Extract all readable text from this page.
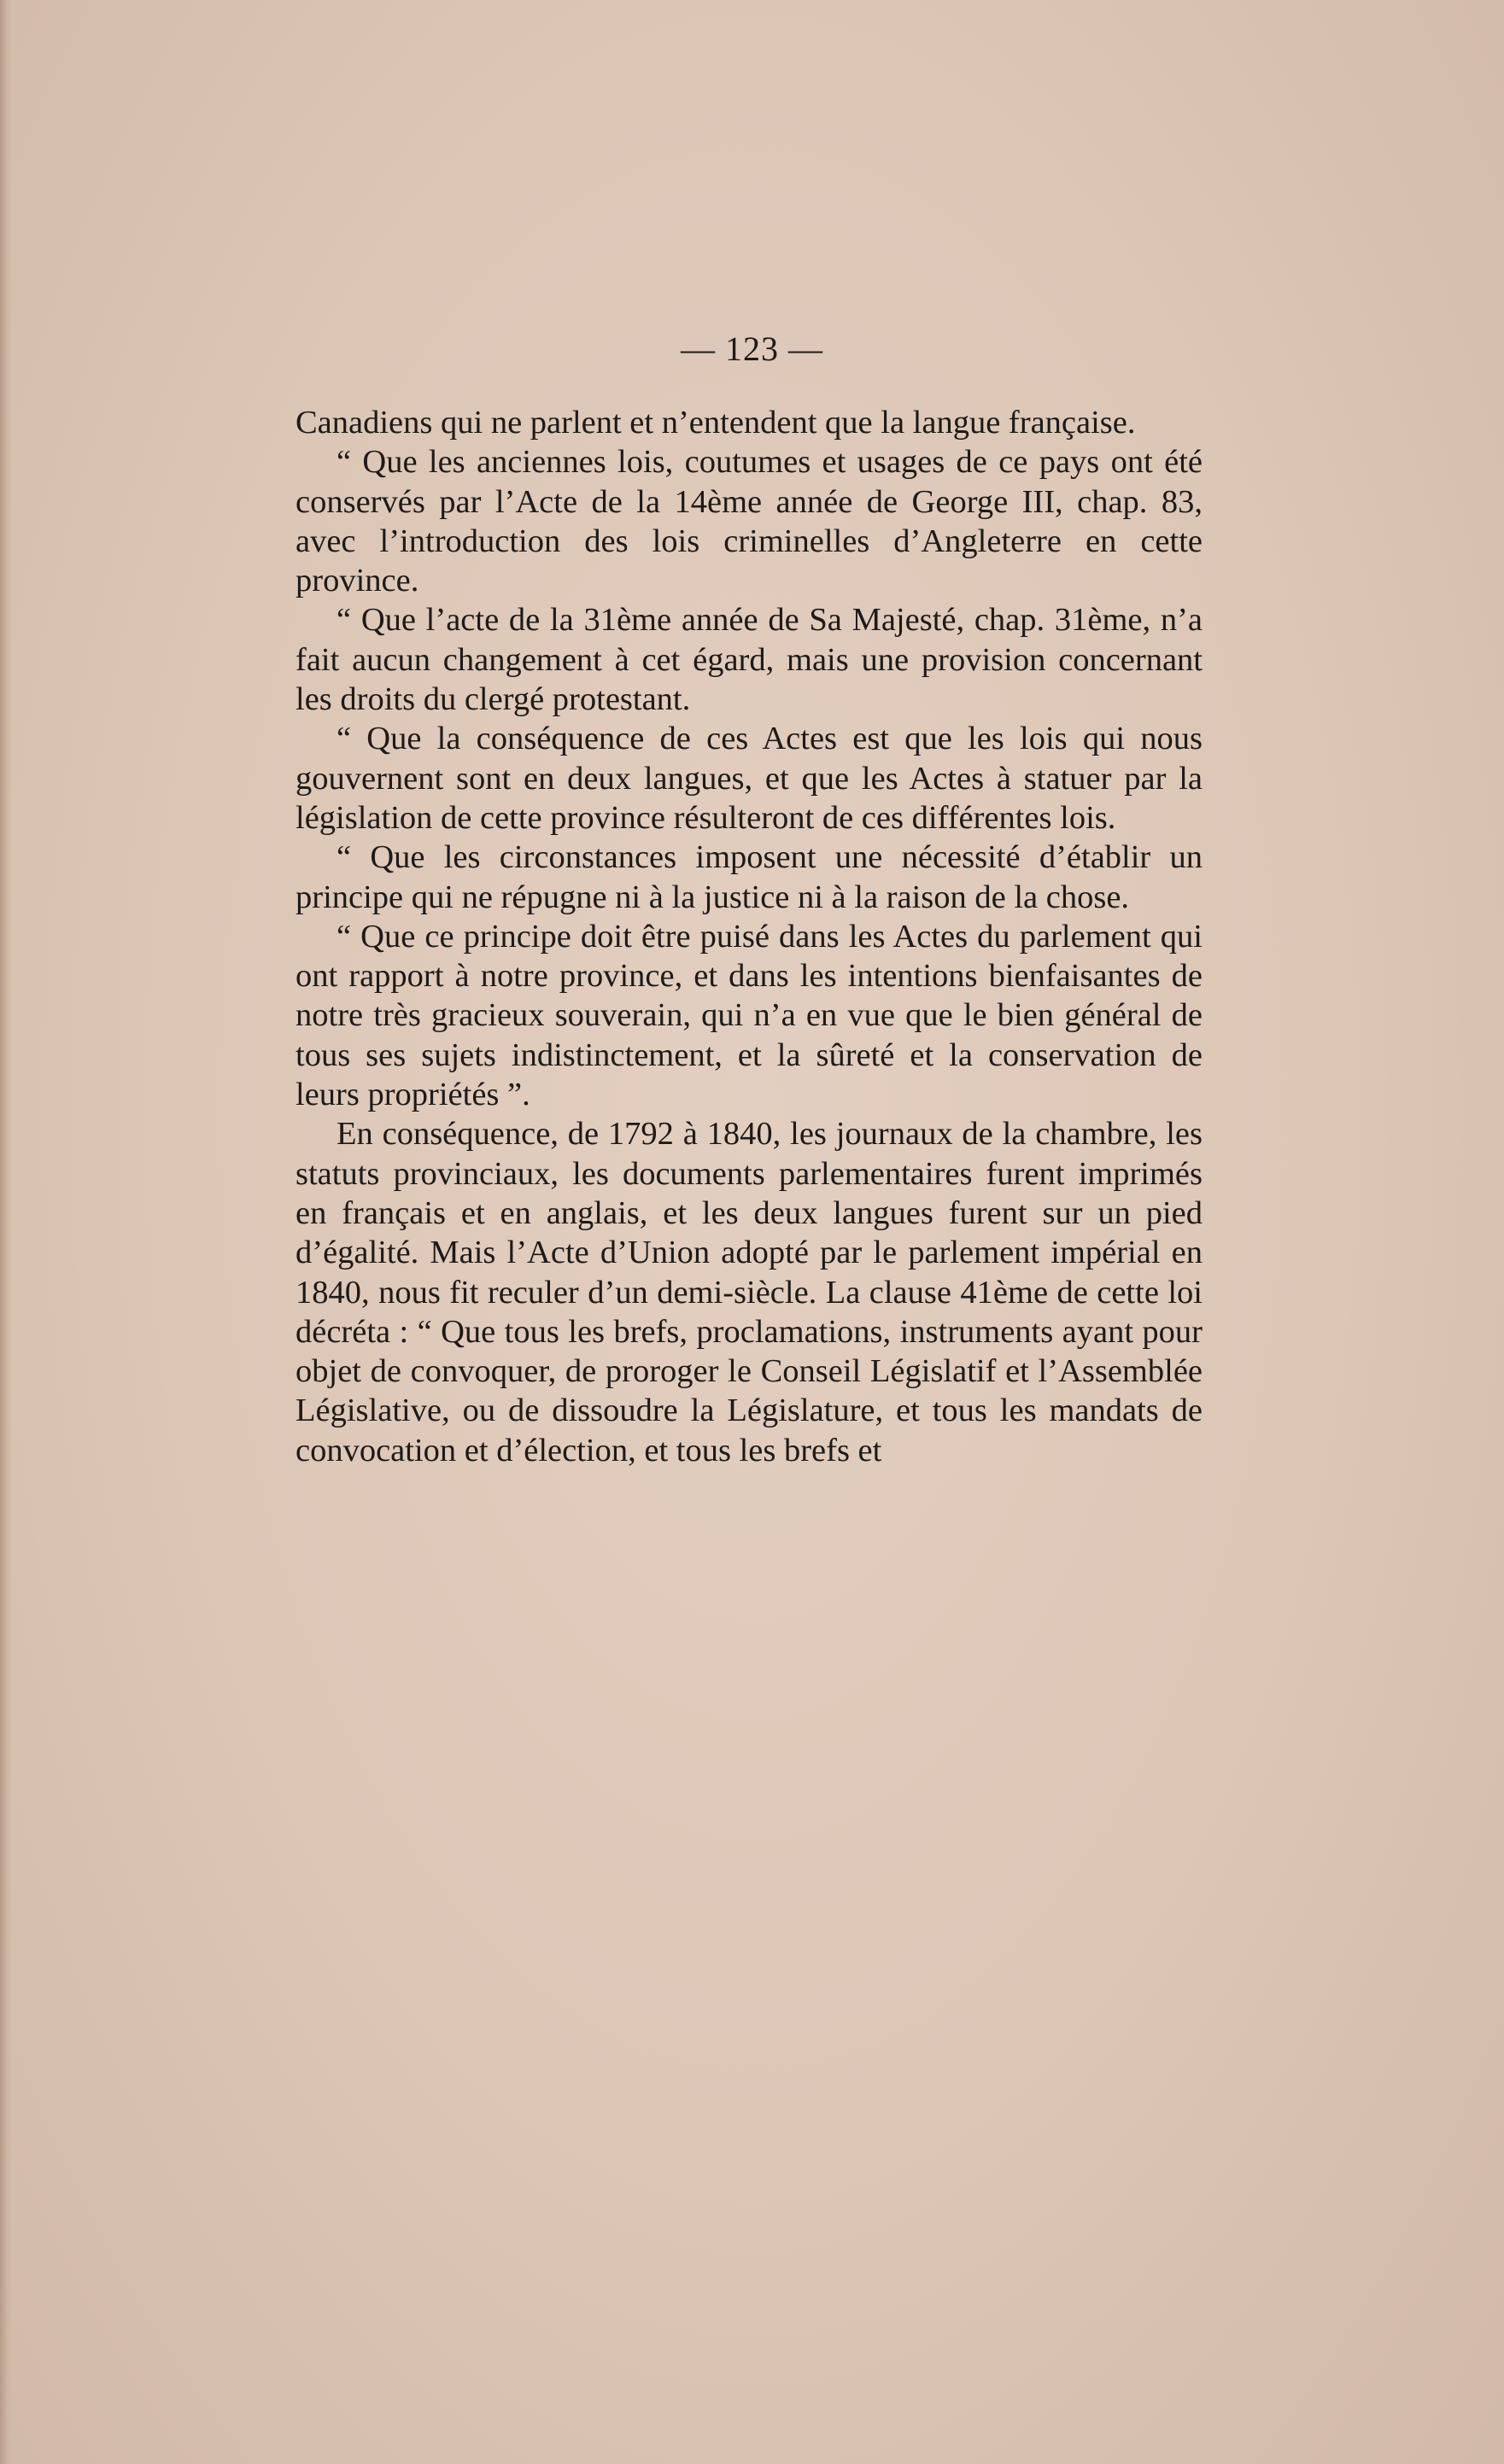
— 123 —

Canadiens qui ne parlent et n’entendent que la langue française.

“ Que les anciennes lois, coutumes et usages de ce pays ont été conservés par l’Acte de la 14ème année de George III, chap. 83, avec l’introduction des lois criminelles d’Angleterre en cette province.

“ Que l’acte de la 31ème année de Sa Majesté, chap. 31ème, n’a fait aucun changement à cet égard, mais une provision concernant les droits du clergé protestant.

“ Que la conséquence de ces Actes est que les lois qui nous gouvernent sont en deux langues, et que les Actes à statuer par la législation de cette province résulteront de ces différentes lois.

“ Que les circonstances imposent une nécessité d’établir un principe qui ne répugne ni à la justice ni à la raison de la chose.

“ Que ce principe doit être puisé dans les Actes du parlement qui ont rapport à notre province, et dans les intentions bienfaisantes de notre très gracieux souverain, qui n’a en vue que le bien général de tous ses sujets indistinctement, et la sûreté et la conservation de leurs propriétés ”.

En conséquence, de 1792 à 1840, les journaux de la chambre, les statuts provinciaux, les documents parlementaires furent imprimés en français et en anglais, et les deux langues furent sur un pied d’égalité. Mais l’Acte d’Union adopté par le parlement impérial en 1840, nous fit reculer d’un demi-siècle. La clause 41ème de cette loi décréta : “ Que tous les brefs, proclamations, instruments ayant pour objet de convoquer, de proroger le Conseil Législatif et l’Assemblée Législative, ou de dissoudre la Législature, et tous les mandats de convocation et d’élection, et tous les brefs et
